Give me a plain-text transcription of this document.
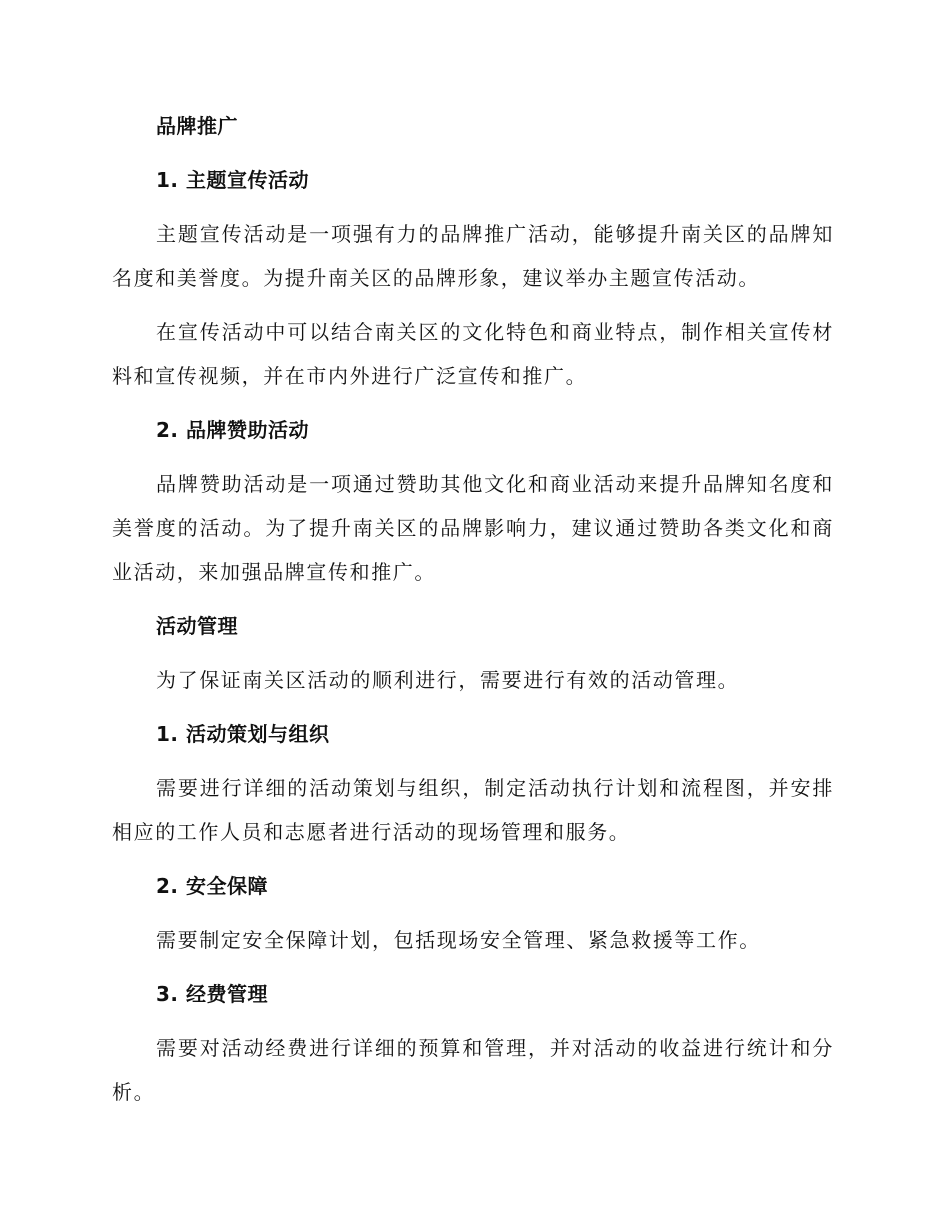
品牌推广
1. 主题宣传活动
主题宣传活动是一项强有力的品牌推广活动，能够提升南关区的品牌知名度和美誉度。为提升南关区的品牌形象，建议举办主题宣传活动。
在宣传活动中可以结合南关区的文化特色和商业特点，制作相关宣传材料和宣传视频，并在市内外进行广泛宣传和推广。
2. 品牌赞助活动
品牌赞助活动是一项通过赞助其他文化和商业活动来提升品牌知名度和美誉度的活动。为了提升南关区的品牌影响力，建议通过赞助各类文化和商业活动，来加强品牌宣传和推广。
活动管理
为了保证南关区活动的顺利进行，需要进行有效的活动管理。
1. 活动策划与组织
需要进行详细的活动策划与组织，制定活动执行计划和流程图，并安排相应的工作人员和志愿者进行活动的现场管理和服务。
2. 安全保障
需要制定安全保障计划，包括现场安全管理、紧急救援等工作。
3. 经费管理
需要对活动经费进行详细的预算和管理，并对活动的收益进行统计和分析。
